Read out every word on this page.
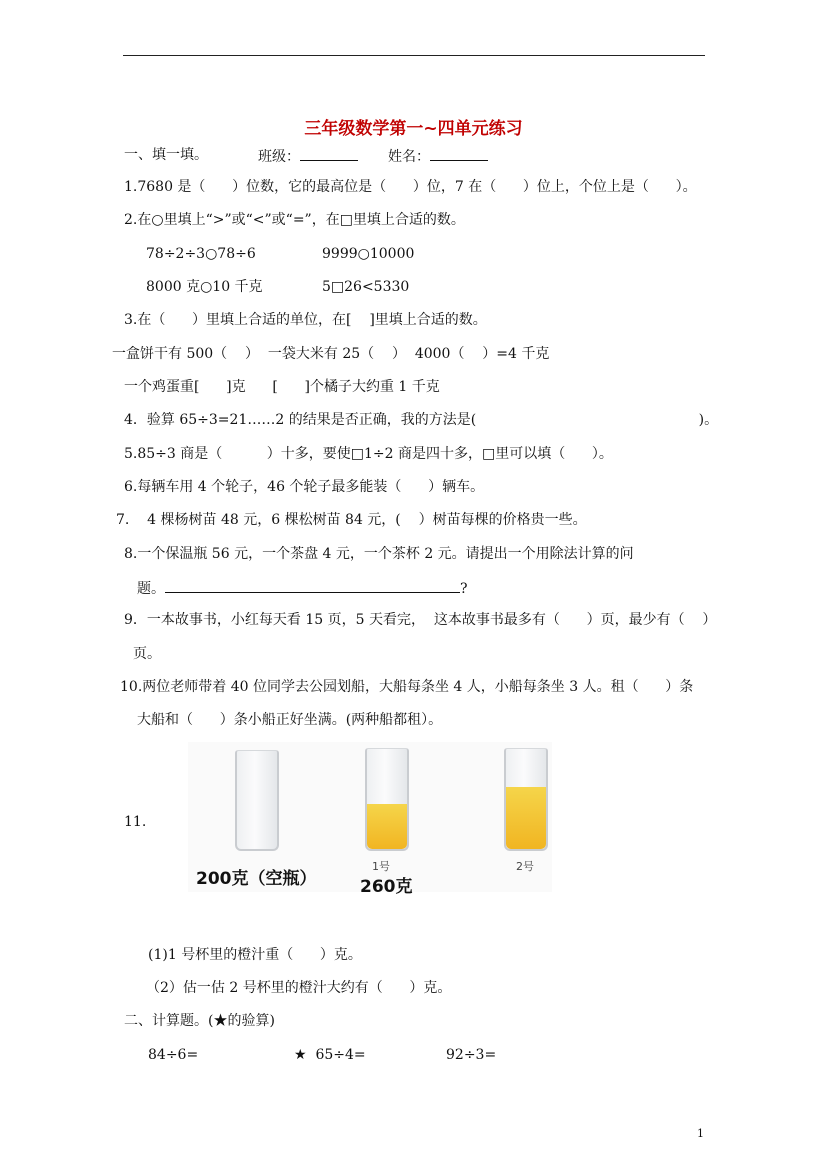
三年级数学第一~四单元练习
一、填一填。	班级：	姓名：
1.7680 是（      ）位数，它的最高位是（      ）位，7 在（      ）位上，个位上是（      ）。
2.在○里填上“>”或“<”或“=”，在□里填上合适的数。
78÷2÷3○78÷6	9999○10000
8000 克○10 千克	5□26<5330
3.在（      ）里填上合适的单位，在[    ]里填上合适的数。
一盒饼干有 500（    ）  一袋大米有 25（    ）  4000（    ）=4 千克
一个鸡蛋重[      ]克      [      ]个橘子大约重 1 千克
4．验算 65÷3=21……2 的结果是否正确，我的方法是(                                                  )。
5.85÷3 商是（          ）十多，要使□1÷2 商是四十多，□里可以填（      ）。
6.每辆车用 4 个轮子，46 个轮子最多能装（      ）辆车。
7.    4 棵杨树苗 48 元，6 棵松树苗 84 元，(    ）树苗每棵的价格贵一些。
8.一个保温瓶 56 元，一个茶盘 4 元，一个茶杯 2 元。请提出一个用除法计算的问
题。	?
9．一本故事书，小红每天看 15 页，5 天看完，  这本故事书最多有（      ）页，最少有（    ）
页。
10.两位老师带着 40 位同学去公园划船，大船每条坐 4 人，小船每条坐 3 人。租（      ）条
大船和（      ）条小船正好坐满。(两种船都租）。
11.
200克（空瓶）
1号
260克
2号
(1)1 号杯里的橙汁重（      ）克。
（2）估一估 2 号杯里的橙汁大约有（      ）克。
二、计算题。(★的验算)
84÷6=	★  65÷4=	92÷3=
1
